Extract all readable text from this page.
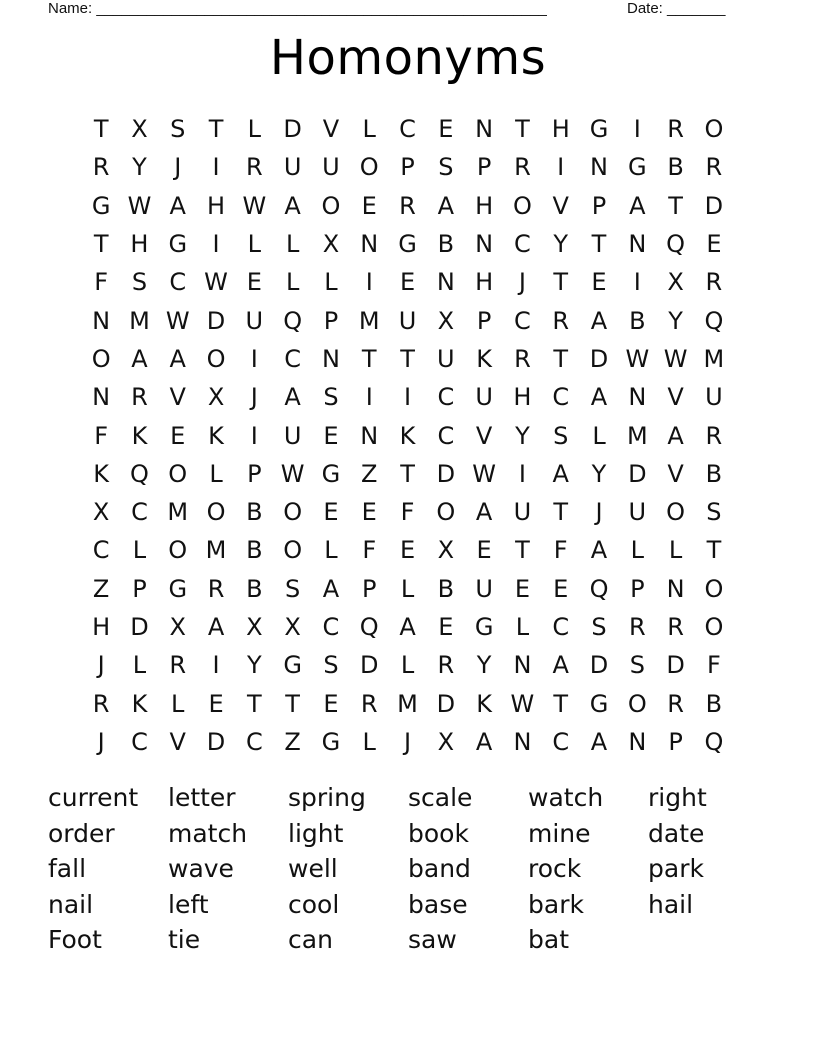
Name: ______________________________________________________	Date: _______
Homonyms
T X S T	L D V L C E N T H G	I	R O
R Y	J	I	R U U O P S P R	I	N G B R
G W A H W A O E R A H O V P A T D
T H G	I	L	L X N G B N C Y T N Q E
F S C W E	L	L	I	E N H	J	T E	I	X R
N M W D U Q P M U X P C R A B Y Q
O A A O	I	C N T T U K R T D W W M
N R V X	J	A S	I	I	C U H C A N V U
F K E K	I	U E N K C V Y S L M A R
K Q O L	P W G Z T D W I	A Y D V B
X C M O B O E E F O A U T	J	U O S
C L O M B O L	F E X E T	F A L	L	T
Z P G R B S A P	L B U E E Q P N O
H D X A X X C Q A E G L C S R R O
J	L R	I	Y G S D L R Y N A D S D F
R K L	E T T E R M D K W T G O R B
J	C V D C Z G L	J	X A N C A N P Q
current	letter	spring	scale	watch	right
order	match	light	book	mine	date
fall	wave	well	band	rock	park
nail	left	cool	base	bark	hail
Foot	tie	can	saw	bat
